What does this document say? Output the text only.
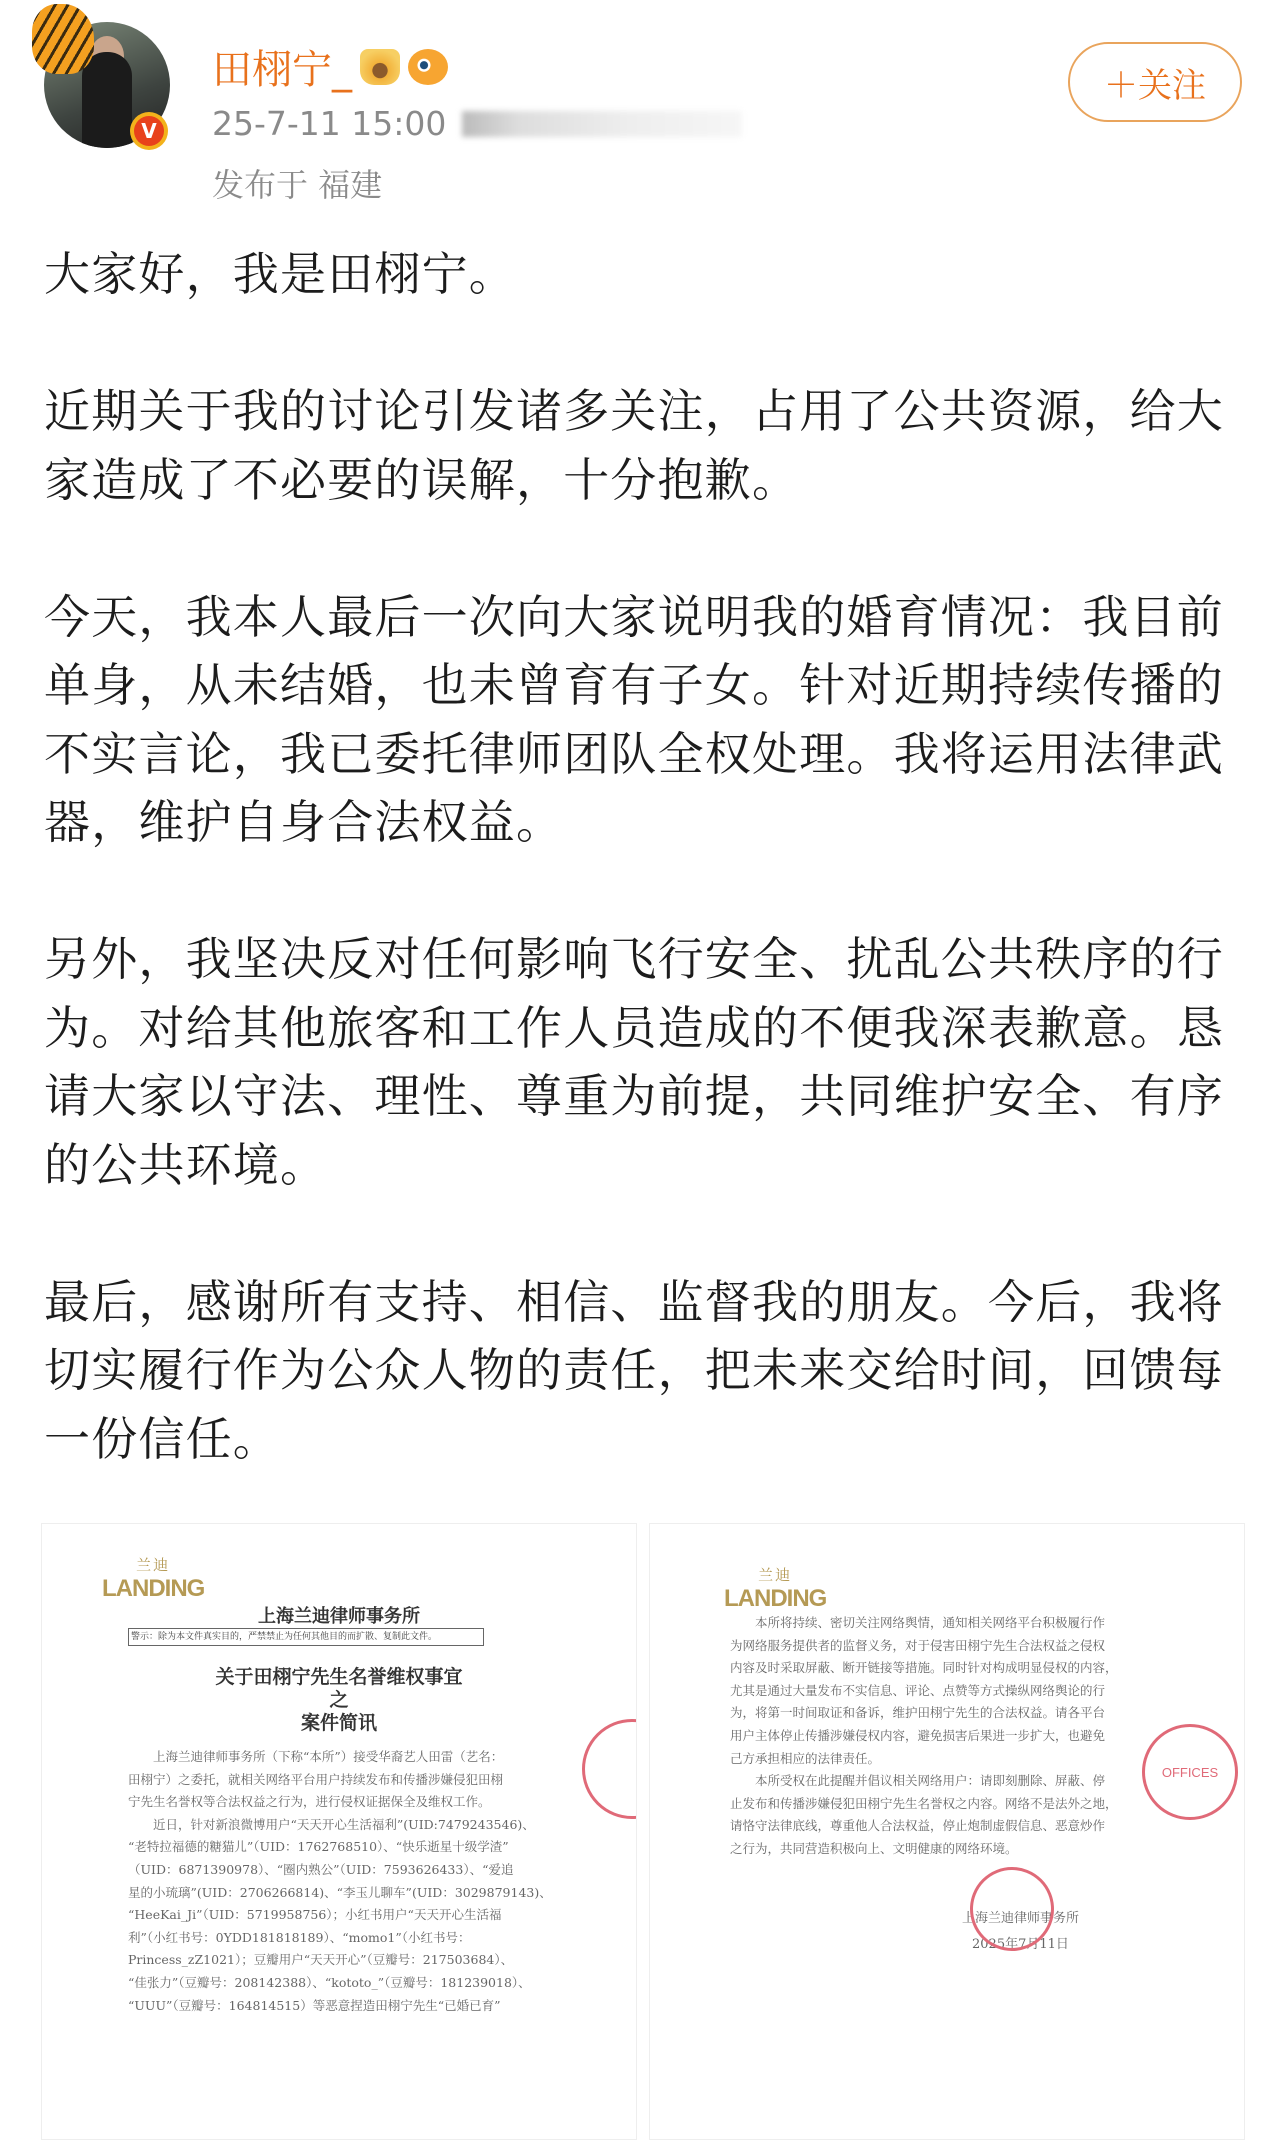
V
田栩宁_
25-7-11 15:00
发布于 福建
＋关注
大家好，我是田栩宁。
近期关于我的讨论引发诸多关注，占用了公共资源，给大
家造成了不必要的误解，十分抱歉。
今天，我本人最后一次向大家说明我的婚育情况：我目前
单身，从未结婚，也未曾育有子女。针对近期持续传播的
不实言论，我已委托律师团队全权处理。我将运用法律武
器，维护自身合法权益。
另外，我坚决反对任何影响飞行安全、扰乱公共秩序的行
为。对给其他旅客和工作人员造成的不便我深表歉意。恳
请大家以守法、理性、尊重为前提，共同维护安全、有序
的公共环境。
最后，感谢所有支持、相信、监督我的朋友。今后，我将
切实履行作为公众人物的责任，把未来交给时间，回馈每
一份信任。
兰迪
LANDING
上海兰迪律师事务所
警示：除为本文件真实目的，严禁禁止为任何其他目的而扩散、复制此文件。
关于田栩宁先生名誉维权事宜
之
案件简讯
　　上海兰迪律师事务所（下称“本所”）接受华裔艺人田雷（艺名：
田栩宁）之委托，就相关网络平台用户持续发布和传播涉嫌侵犯田栩
宁先生名誉权等合法权益之行为，进行侵权证据保全及维权工作。
　　近日，针对新浪微博用户“天天开心生活福利”(UID:7479243546)、
“老特拉福德的糖猫儿”（UID：1762768510）、“快乐逝星十级学渣”
（UID：6871390978）、“圈内熟公”（UID：7593626433）、“爱追
星的小琉璃”(UID：2706266814)、“李玉儿聊车”(UID：3029879143)、
“HeeKai_Ji”（UID：5719958756）；小红书用户“天天开心生活福
利”（小红书号：0YDD181818189）、“momo1”（小红书号：
Princess_zZ1021）；豆瓣用户“天天开心”（豆瓣号：217503684）、
“佳张力”（豆瓣号：208142388）、“kototo_”（豆瓣号：181239018）、
“UUU”（豆瓣号：164814515）等恶意捏造田栩宁先生“已婚已育”
兰迪
LANDING
　　本所将持续、密切关注网络舆情，通知相关网络平台积极履行作
为网络服务提供者的监督义务，对于侵害田栩宁先生合法权益之侵权
内容及时采取屏蔽、断开链接等措施。同时针对构成明显侵权的内容，
尤其是通过大量发布不实信息、评论、点赞等方式操纵网络舆论的行
为，将第一时间取证和备诉，维护田栩宁先生的合法权益。请各平台
用户主体停止传播涉嫌侵权内容，避免损害后果进一步扩大，也避免
己方承担相应的法律责任。
　　本所受权在此提醒并倡议相关网络用户：请即刻删除、屏蔽、停
止发布和传播涉嫌侵犯田栩宁先生名誉权之内容。网络不是法外之地，
请恪守法律底线，尊重他人合法权益，停止炮制虚假信息、恶意炒作
之行为，共同营造积极向上、文明健康的网络环境。
OFFICES
上海兰迪律师事务所
2025年7月11日
